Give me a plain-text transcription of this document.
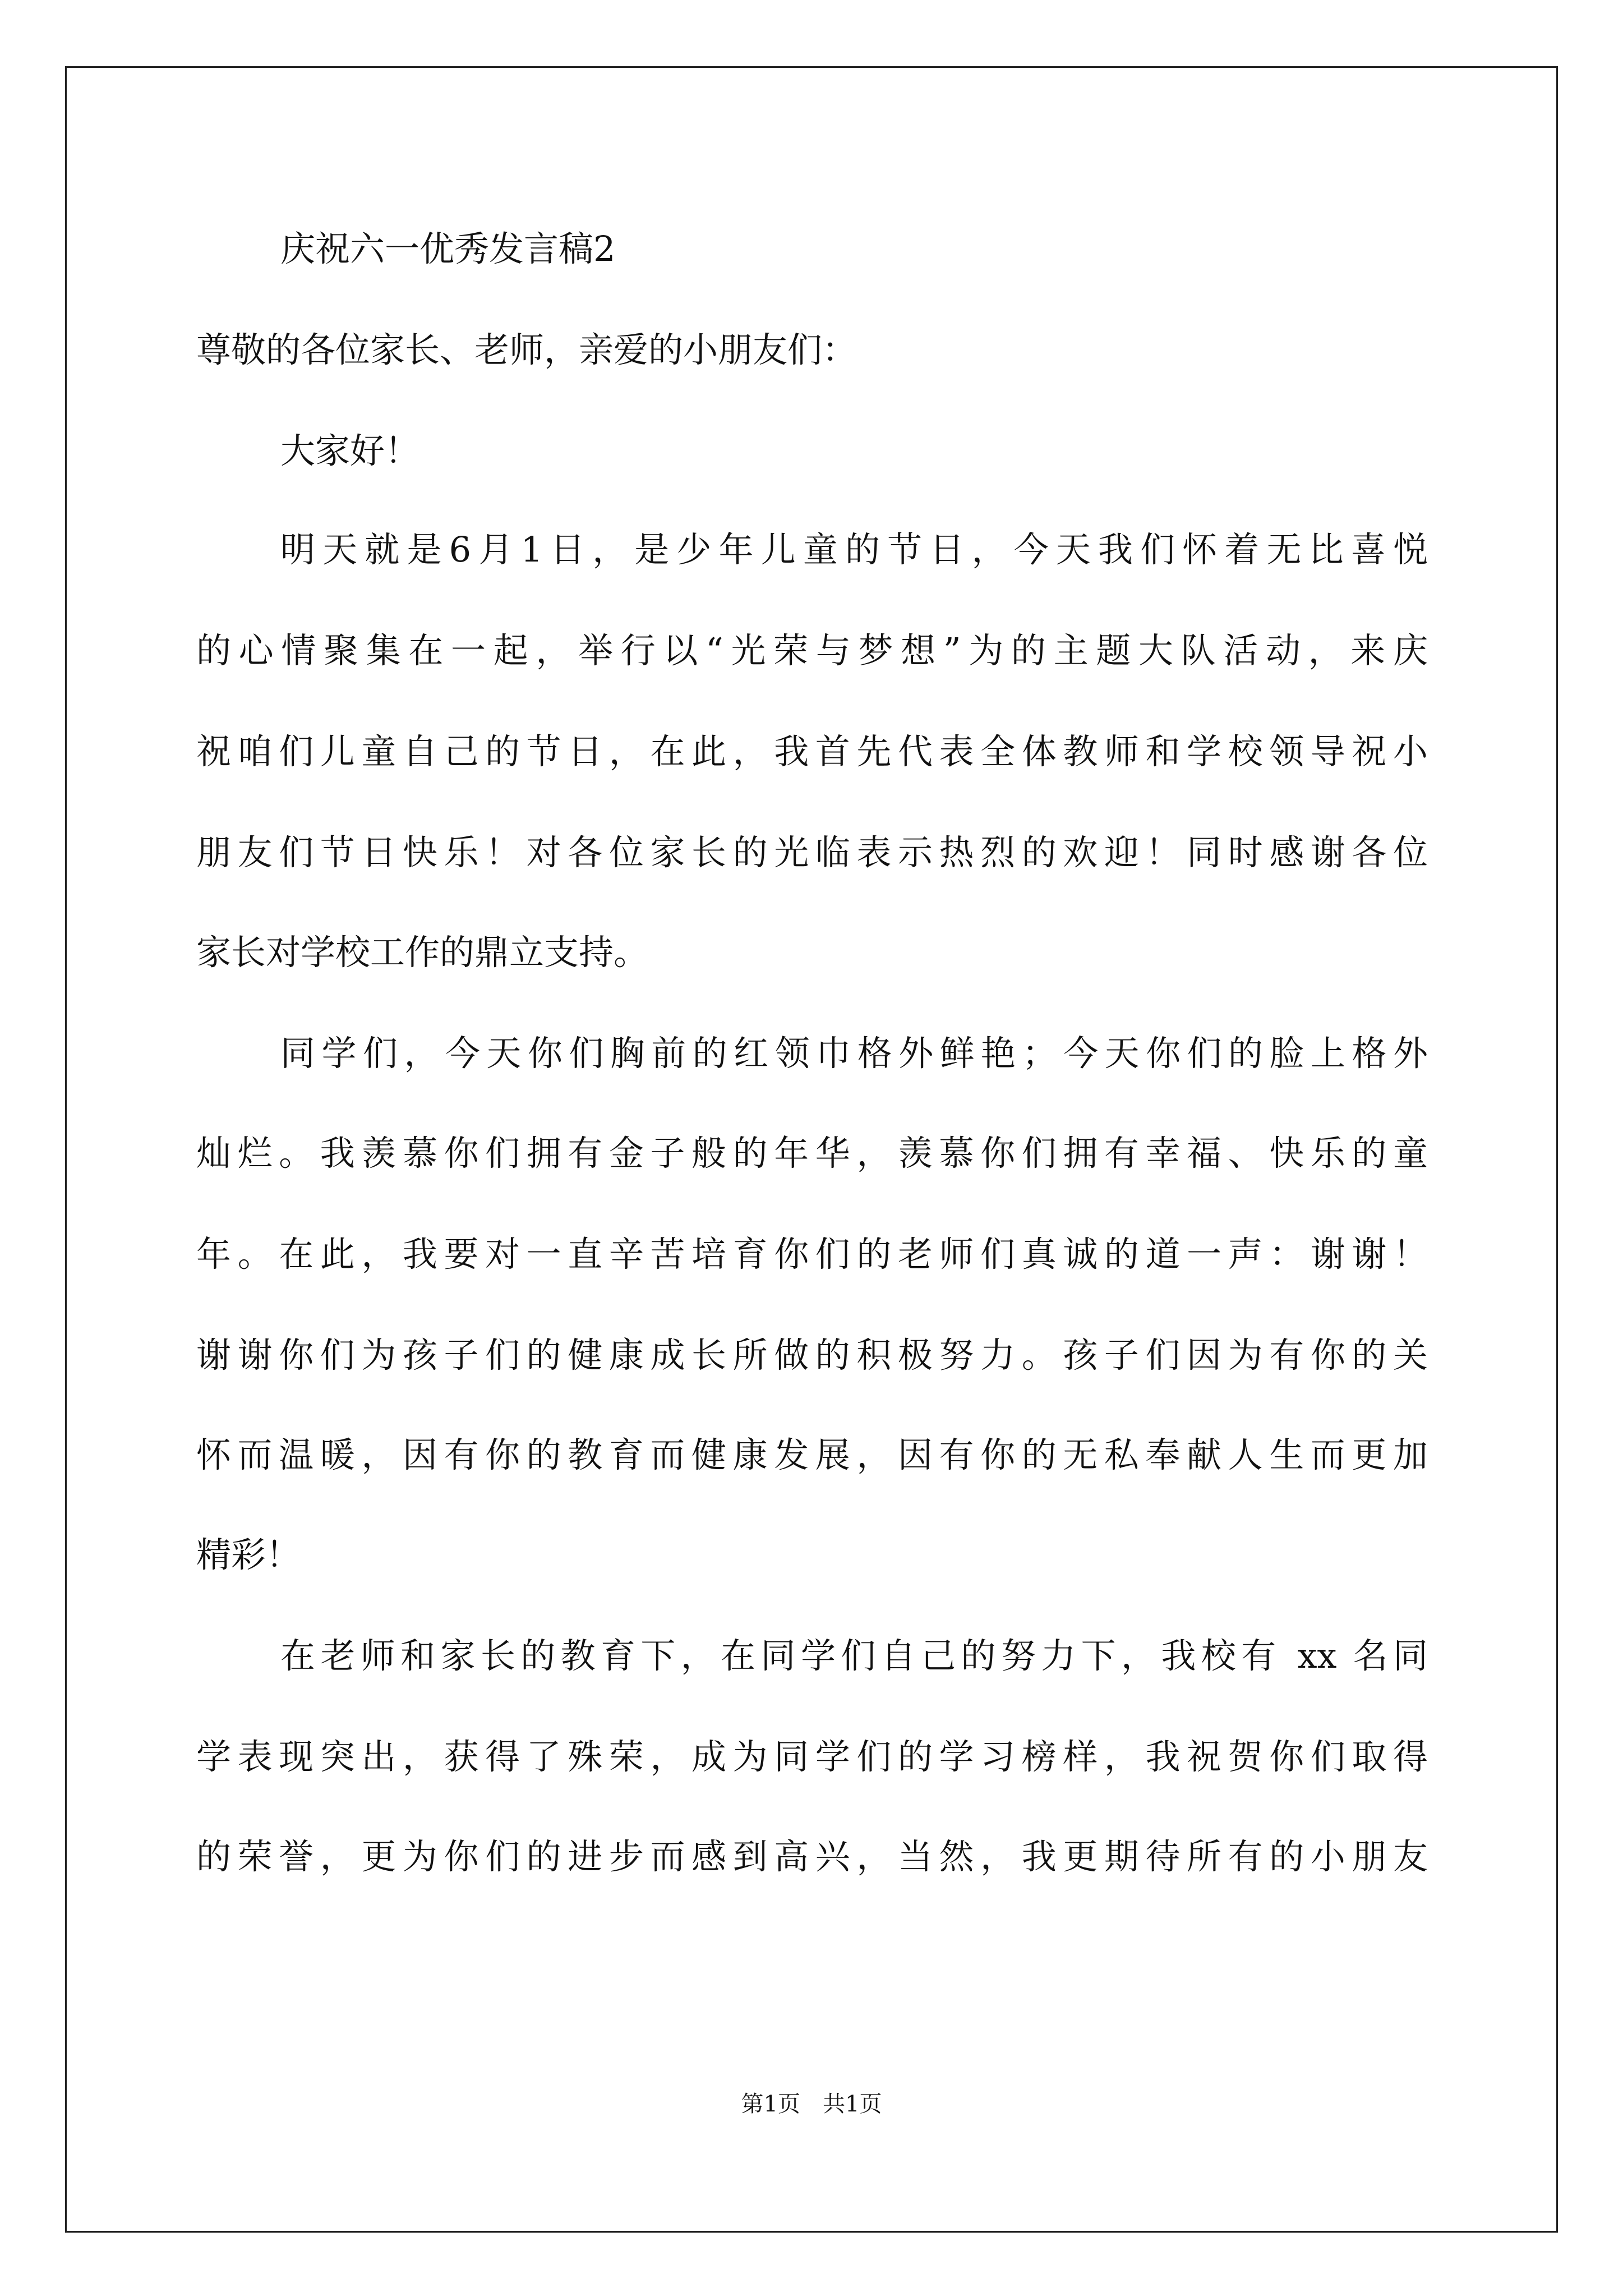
庆祝六一优秀发言稿2
尊敬的各位家长、老师，亲爱的小朋友们：
大家好！
明天就是6月1日，是少年儿童的节日，今天我们怀着无比喜悦
的心情聚集在一起，举行以“光荣与梦想”为的主题大队活动，来庆
祝咱们儿童自己的节日，在此，我首先代表全体教师和学校领导祝小
朋友们节日快乐！对各位家长的光临表示热烈的欢迎！同时感谢各位
家长对学校工作的鼎立支持。
同学们，今天你们胸前的红领巾格外鲜艳；今天你们的脸上格外
灿烂。我羡慕你们拥有金子般的年华，羡慕你们拥有幸福、快乐的童
年。在此，我要对一直辛苦培育你们的老师们真诚的道一声：谢谢！
谢谢你们为孩子们的健康成长所做的积极努力。孩子们因为有你的关
怀而温暖，因有你的教育而健康发展，因有你的无私奉献人生而更加
精彩！
在老师和家长的教育下，在同学们自己的努力下，我校有 xx 名同
学表现突出，获得了殊荣，成为同学们的学习榜样，我祝贺你们取得
的荣誉，更为你们的进步而感到高兴，当然，我更期待所有的小朋友
第1页　共1页
